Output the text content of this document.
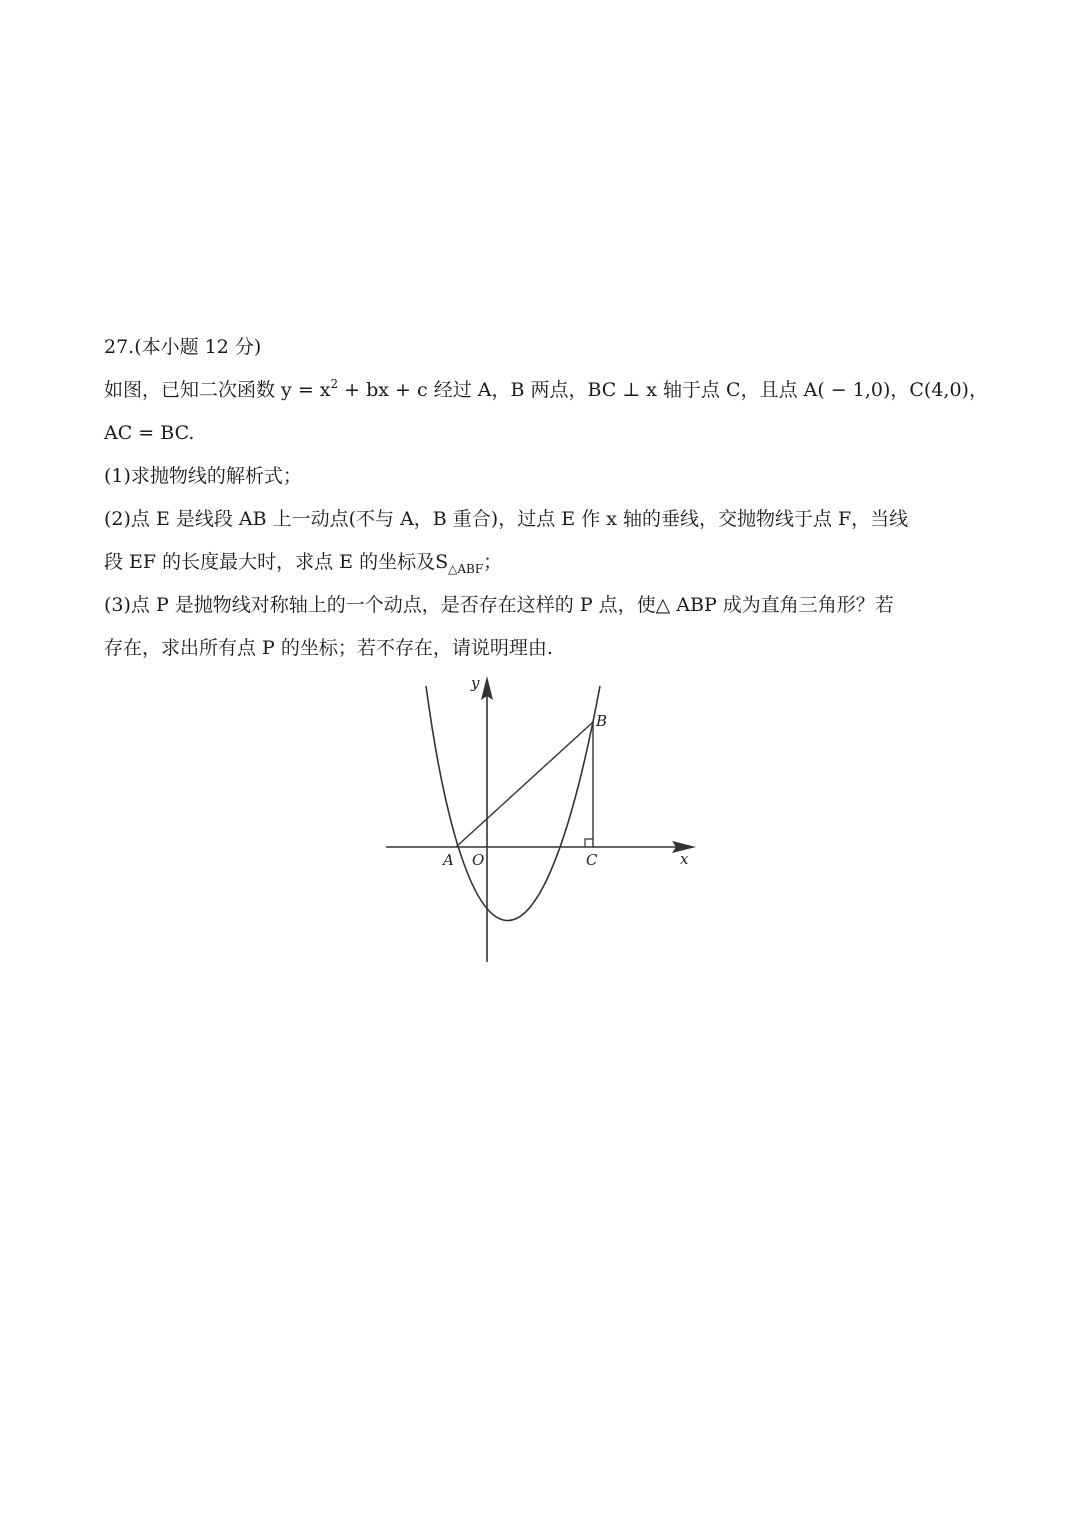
27.(本小题 12 分)
如图，已知二次函数 $y = x^2$ + bx + c 经过 A，B 两点，BC ⊥ x 轴于点 C，且点 A( − 1,0)，C(4,0)，
AC = BC.
(1)求抛物线的解析式；
(2)点 E 是线段 AB 上一动点(不与 A，B 重合)，过点 E 作 x 轴的垂线，交抛物线于点 F，当线
段 EF 的长度最大时，求点 E 的坐标及$S_{\triangle ABF}$；
(3)点 P 是抛物线对称轴上的一个动点，是否存在这样的 P 点，使△ ABP 成为直角三角形？若
存在，求出所有点 P 的坐标；若不存在，请说明理由.
y
x
A O	C
B
